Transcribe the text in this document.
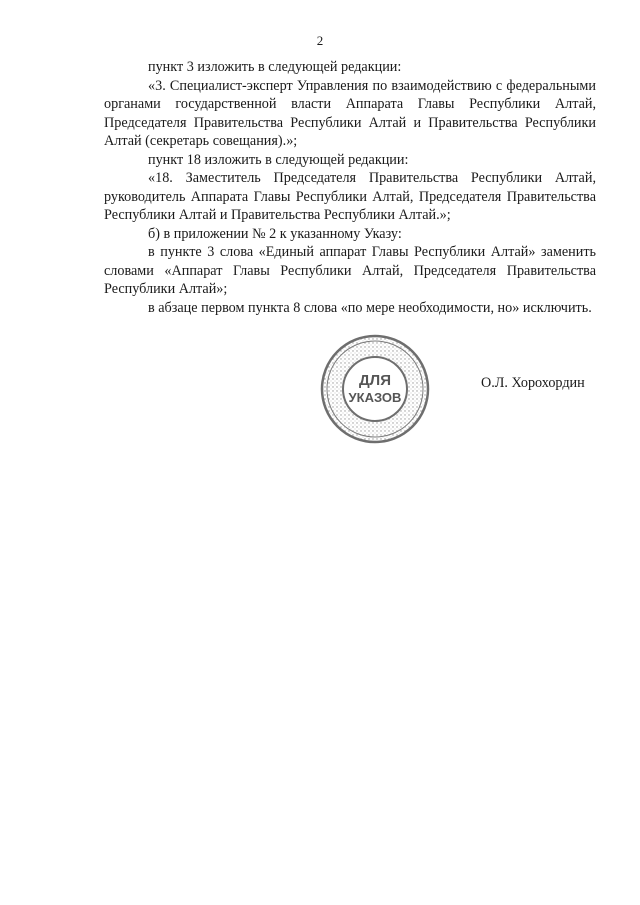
2

пункт 3 изложить в следующей редакции:

«3. Специалист-эксперт Управления по взаимодействию с федеральными органами государственной власти Аппарата Главы Республики Алтай, Председателя Правительства Республики Алтай и Правительства Республики Алтай (секретарь совещания).»;

пункт 18 изложить в следующей редакции:

«18. Заместитель Председателя Правительства Республики Алтай, руководитель Аппарата Главы Республики Алтай, Председателя Правительства Республики Алтай и Правительства Республики Алтай.»;

б) в приложении № 2 к указанному Указу:

в пункте 3 слова «Единый аппарат Главы Республики Алтай» заменить словами «Аппарат Главы Республики Алтай, Председателя Правительства Республики Алтай»;

в абзаце первом пункта 8 слова «по мере необходимости, но» исключить.

ДЛЯ
УКАЗОВ
О.Л. Хорохордин
